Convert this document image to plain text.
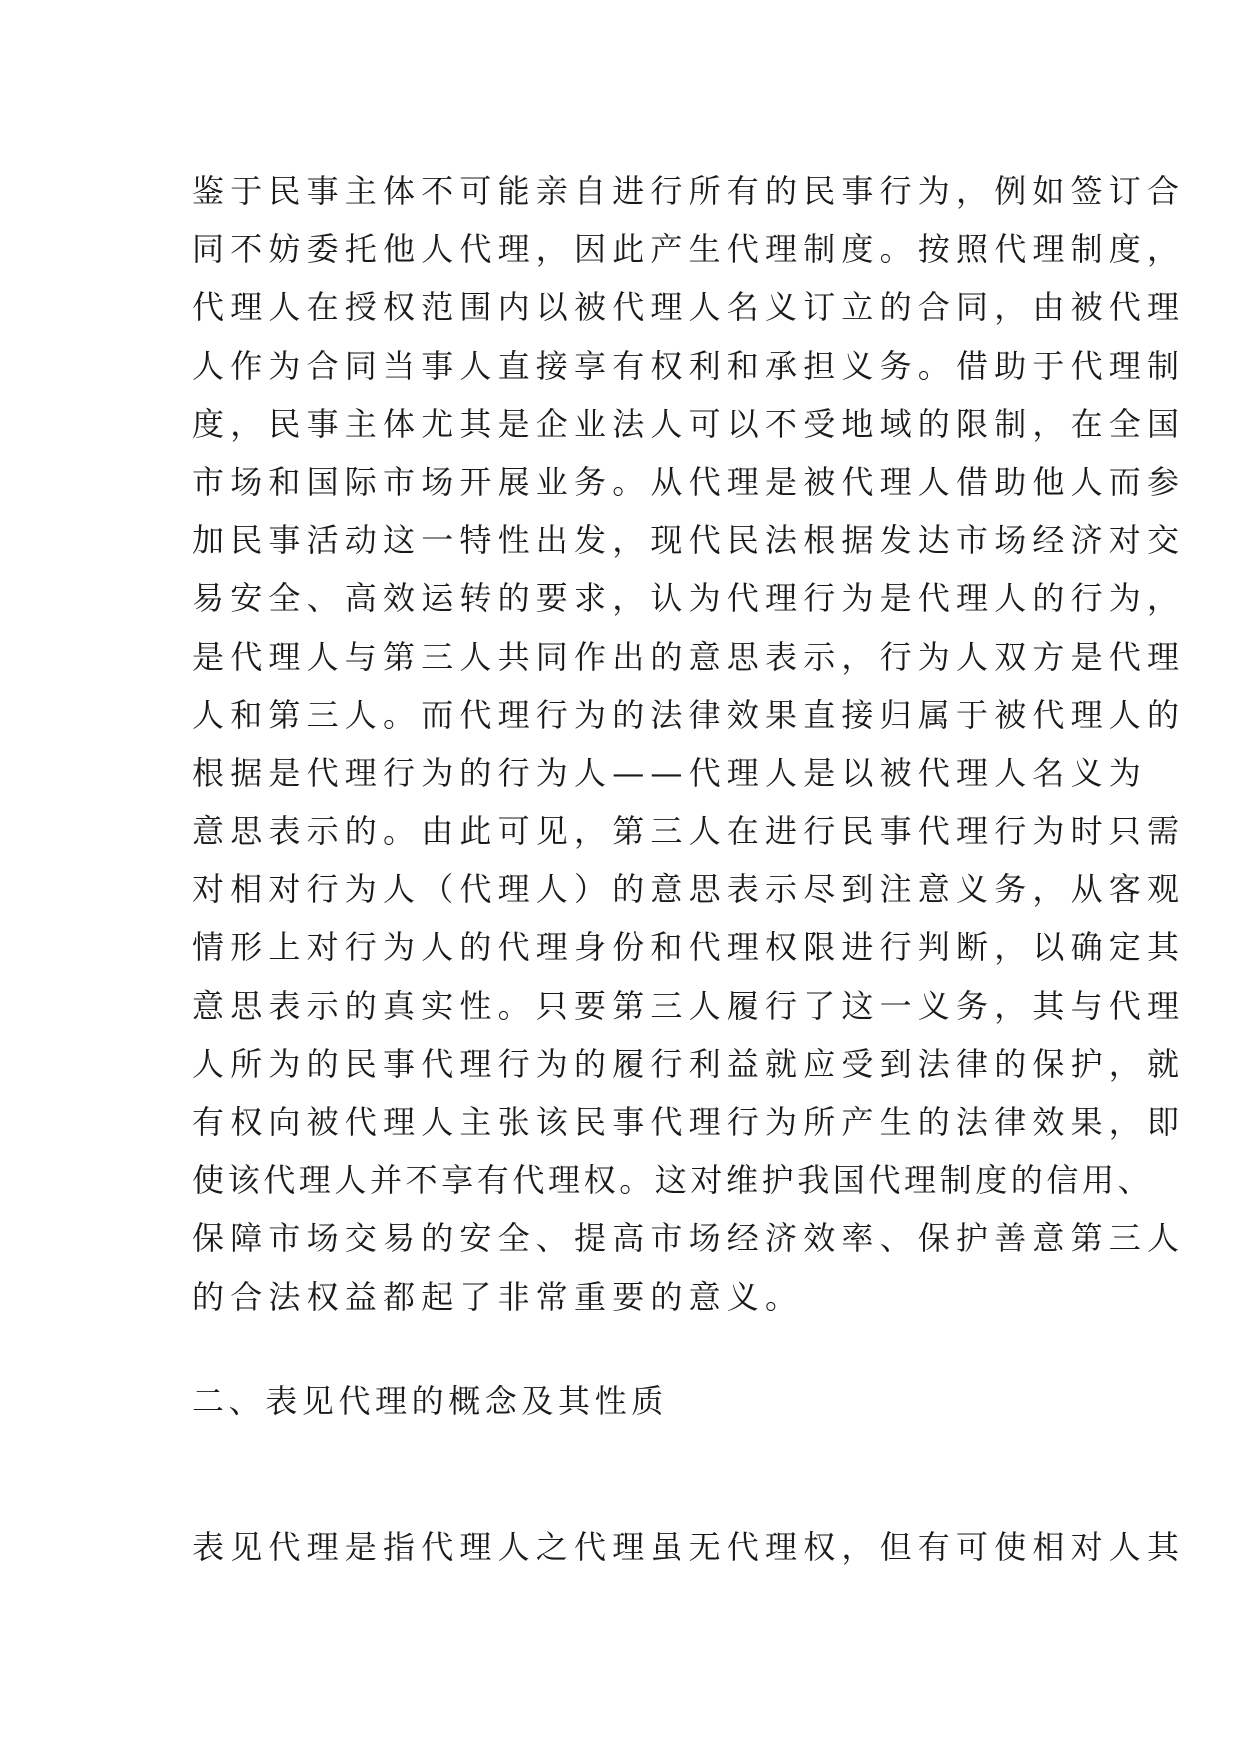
鉴于民事主体不可能亲自进行所有的民事行为，例如签订合
同不妨委托他人代理，因此产生代理制度。按照代理制度，
代理人在授权范围内以被代理人名义订立的合同，由被代理
人作为合同当事人直接享有权利和承担义务。借助于代理制
度，民事主体尤其是企业法人可以不受地域的限制，在全国
市场和国际市场开展业务。从代理是被代理人借助他人而参
加民事活动这一特性出发，现代民法根据发达市场经济对交
易安全、高效运转的要求，认为代理行为是代理人的行为，
是代理人与第三人共同作出的意思表示，行为人双方是代理
人和第三人。而代理行为的法律效果直接归属于被代理人的
根据是代理行为的行为人——代理人是以被代理人名义为
意思表示的。由此可见，第三人在进行民事代理行为时只需
对相对行为人（代理人）的意思表示尽到注意义务，从客观
情形上对行为人的代理身份和代理权限进行判断，以确定其
意思表示的真实性。只要第三人履行了这一义务，其与代理
人所为的民事代理行为的履行利益就应受到法律的保护，就
有权向被代理人主张该民事代理行为所产生的法律效果，即
使该代理人并不享有代理权。这对维护我国代理制度的信用、
保障市场交易的安全、提高市场经济效率、保护善意第三人
的合法权益都起了非常重要的意义。
二、表见代理的概念及其性质
表见代理是指代理人之代理虽无代理权，但有可使相对人其
